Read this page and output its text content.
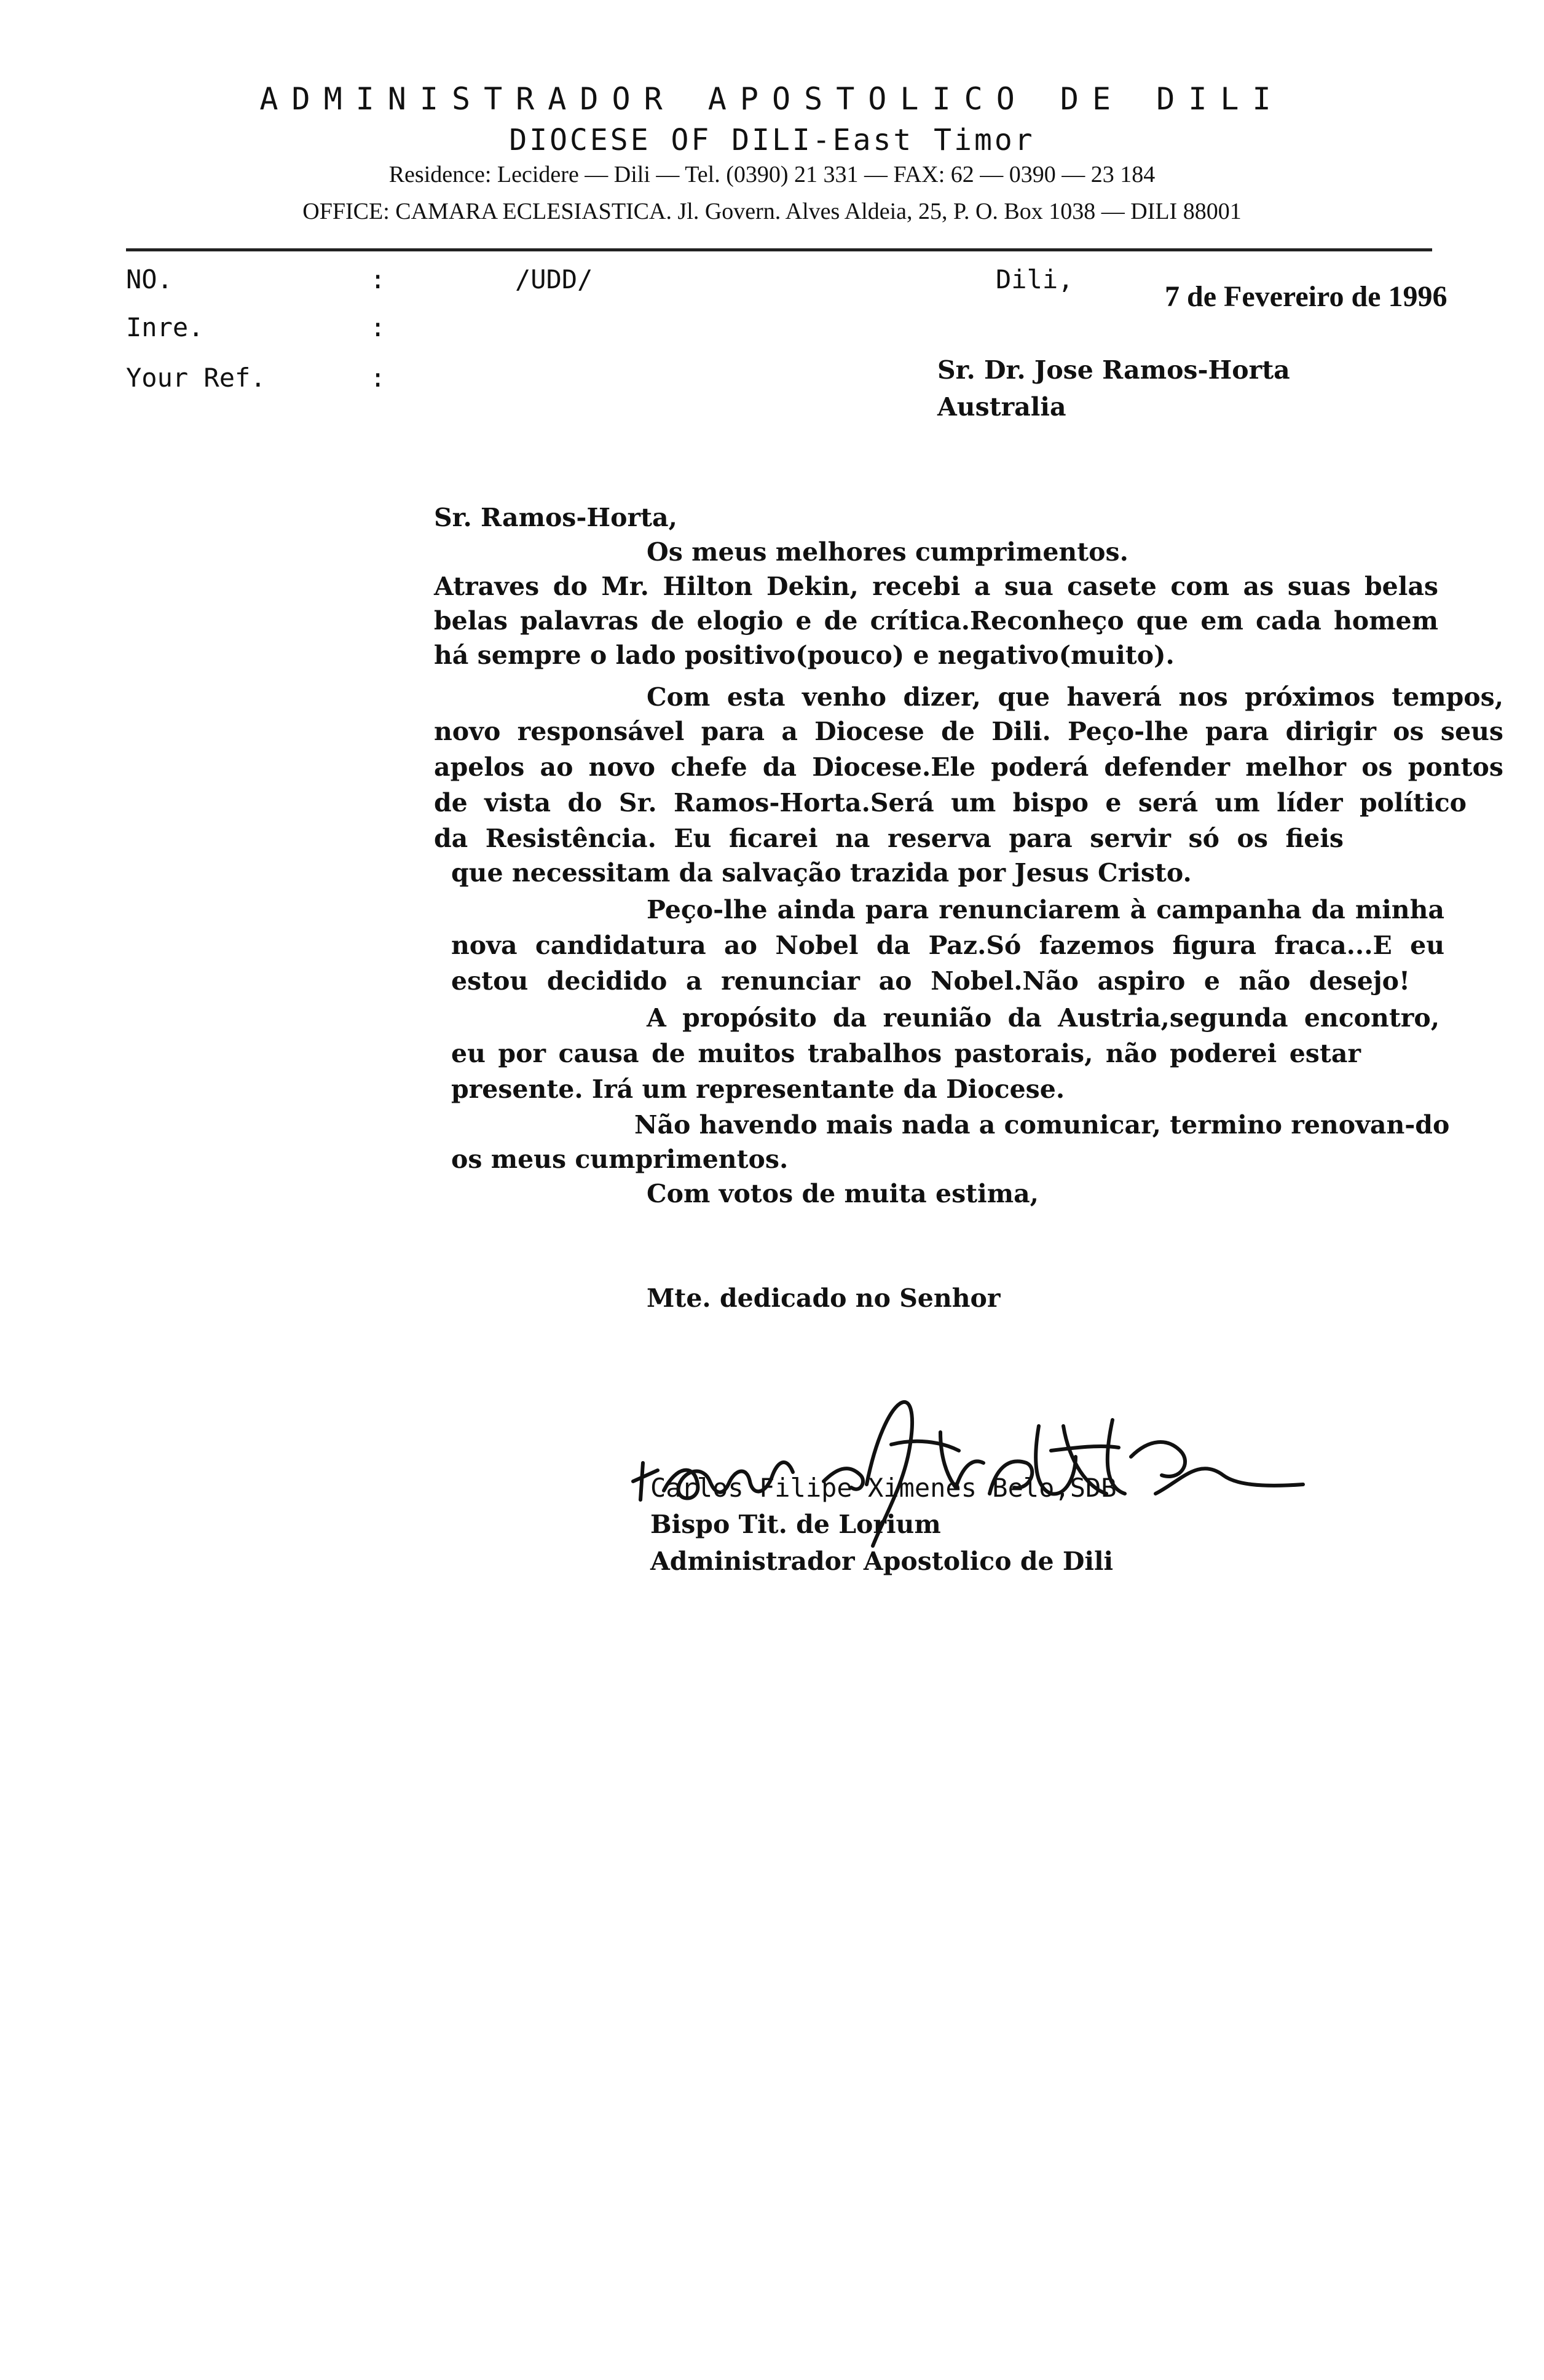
ADMINISTRADOR APOSTOLICO DE DILI
DIOCESE OF DILI-East Timor
Residence: Lecidere — Dili — Tel. (0390) 21 331 — FAX: 62 — 0390 — 23 184
OFFICE: CAMARA ECLESIASTICA. Jl. Govern. Alves Aldeia, 25, P. O. Box 1038 — DILI 88001
NO.	:	/UDD/	Dili,
Inre.	:
Your Ref.	:
7 de Fevereiro de 1996
Sr. Dr. Jose Ramos-Horta
Australia
Sr. Ramos-Horta,
Os meus melhores cumprimentos.
Atraves do Mr. Hilton Dekin, recebi a sua casete com as suas belas
belas palavras de elogio e de crítica.Reconheço que em cada homem
há sempre o lado positivo(pouco) e negativo(muito).
Com esta venho dizer, que haverá nos próximos tempos,
novo responsável para a Diocese de Dili. Peço-lhe para dirigir os seus
apelos ao novo chefe da Diocese.Ele poderá defender melhor os pontos
de vista do Sr. Ramos-Horta.Será um bispo e será um líder político
da Resistência. Eu ficarei na reserva para servir só os fieis
que necessitam da salvação trazida por Jesus Cristo.
Peço-lhe ainda para renunciarem à campanha da minha
nova candidatura ao Nobel da Paz.Só fazemos figura fraca...E eu
estou decidido a renunciar ao Nobel.Não aspiro e não desejo!
A propósito da reunião da Austria,segunda encontro,
eu por causa de muitos trabalhos pastorais, não poderei estar
presente. Irá um representante da Diocese.
Não havendo mais nada a comunicar, termino renovan-do
os meus cumprimentos.
Com votos de muita estima,
Mte. dedicado no Senhor
Carlos Filipe Ximenes Belo,SDB
Bispo Tit. de Lorium
Administrador Apostolico de Dili
